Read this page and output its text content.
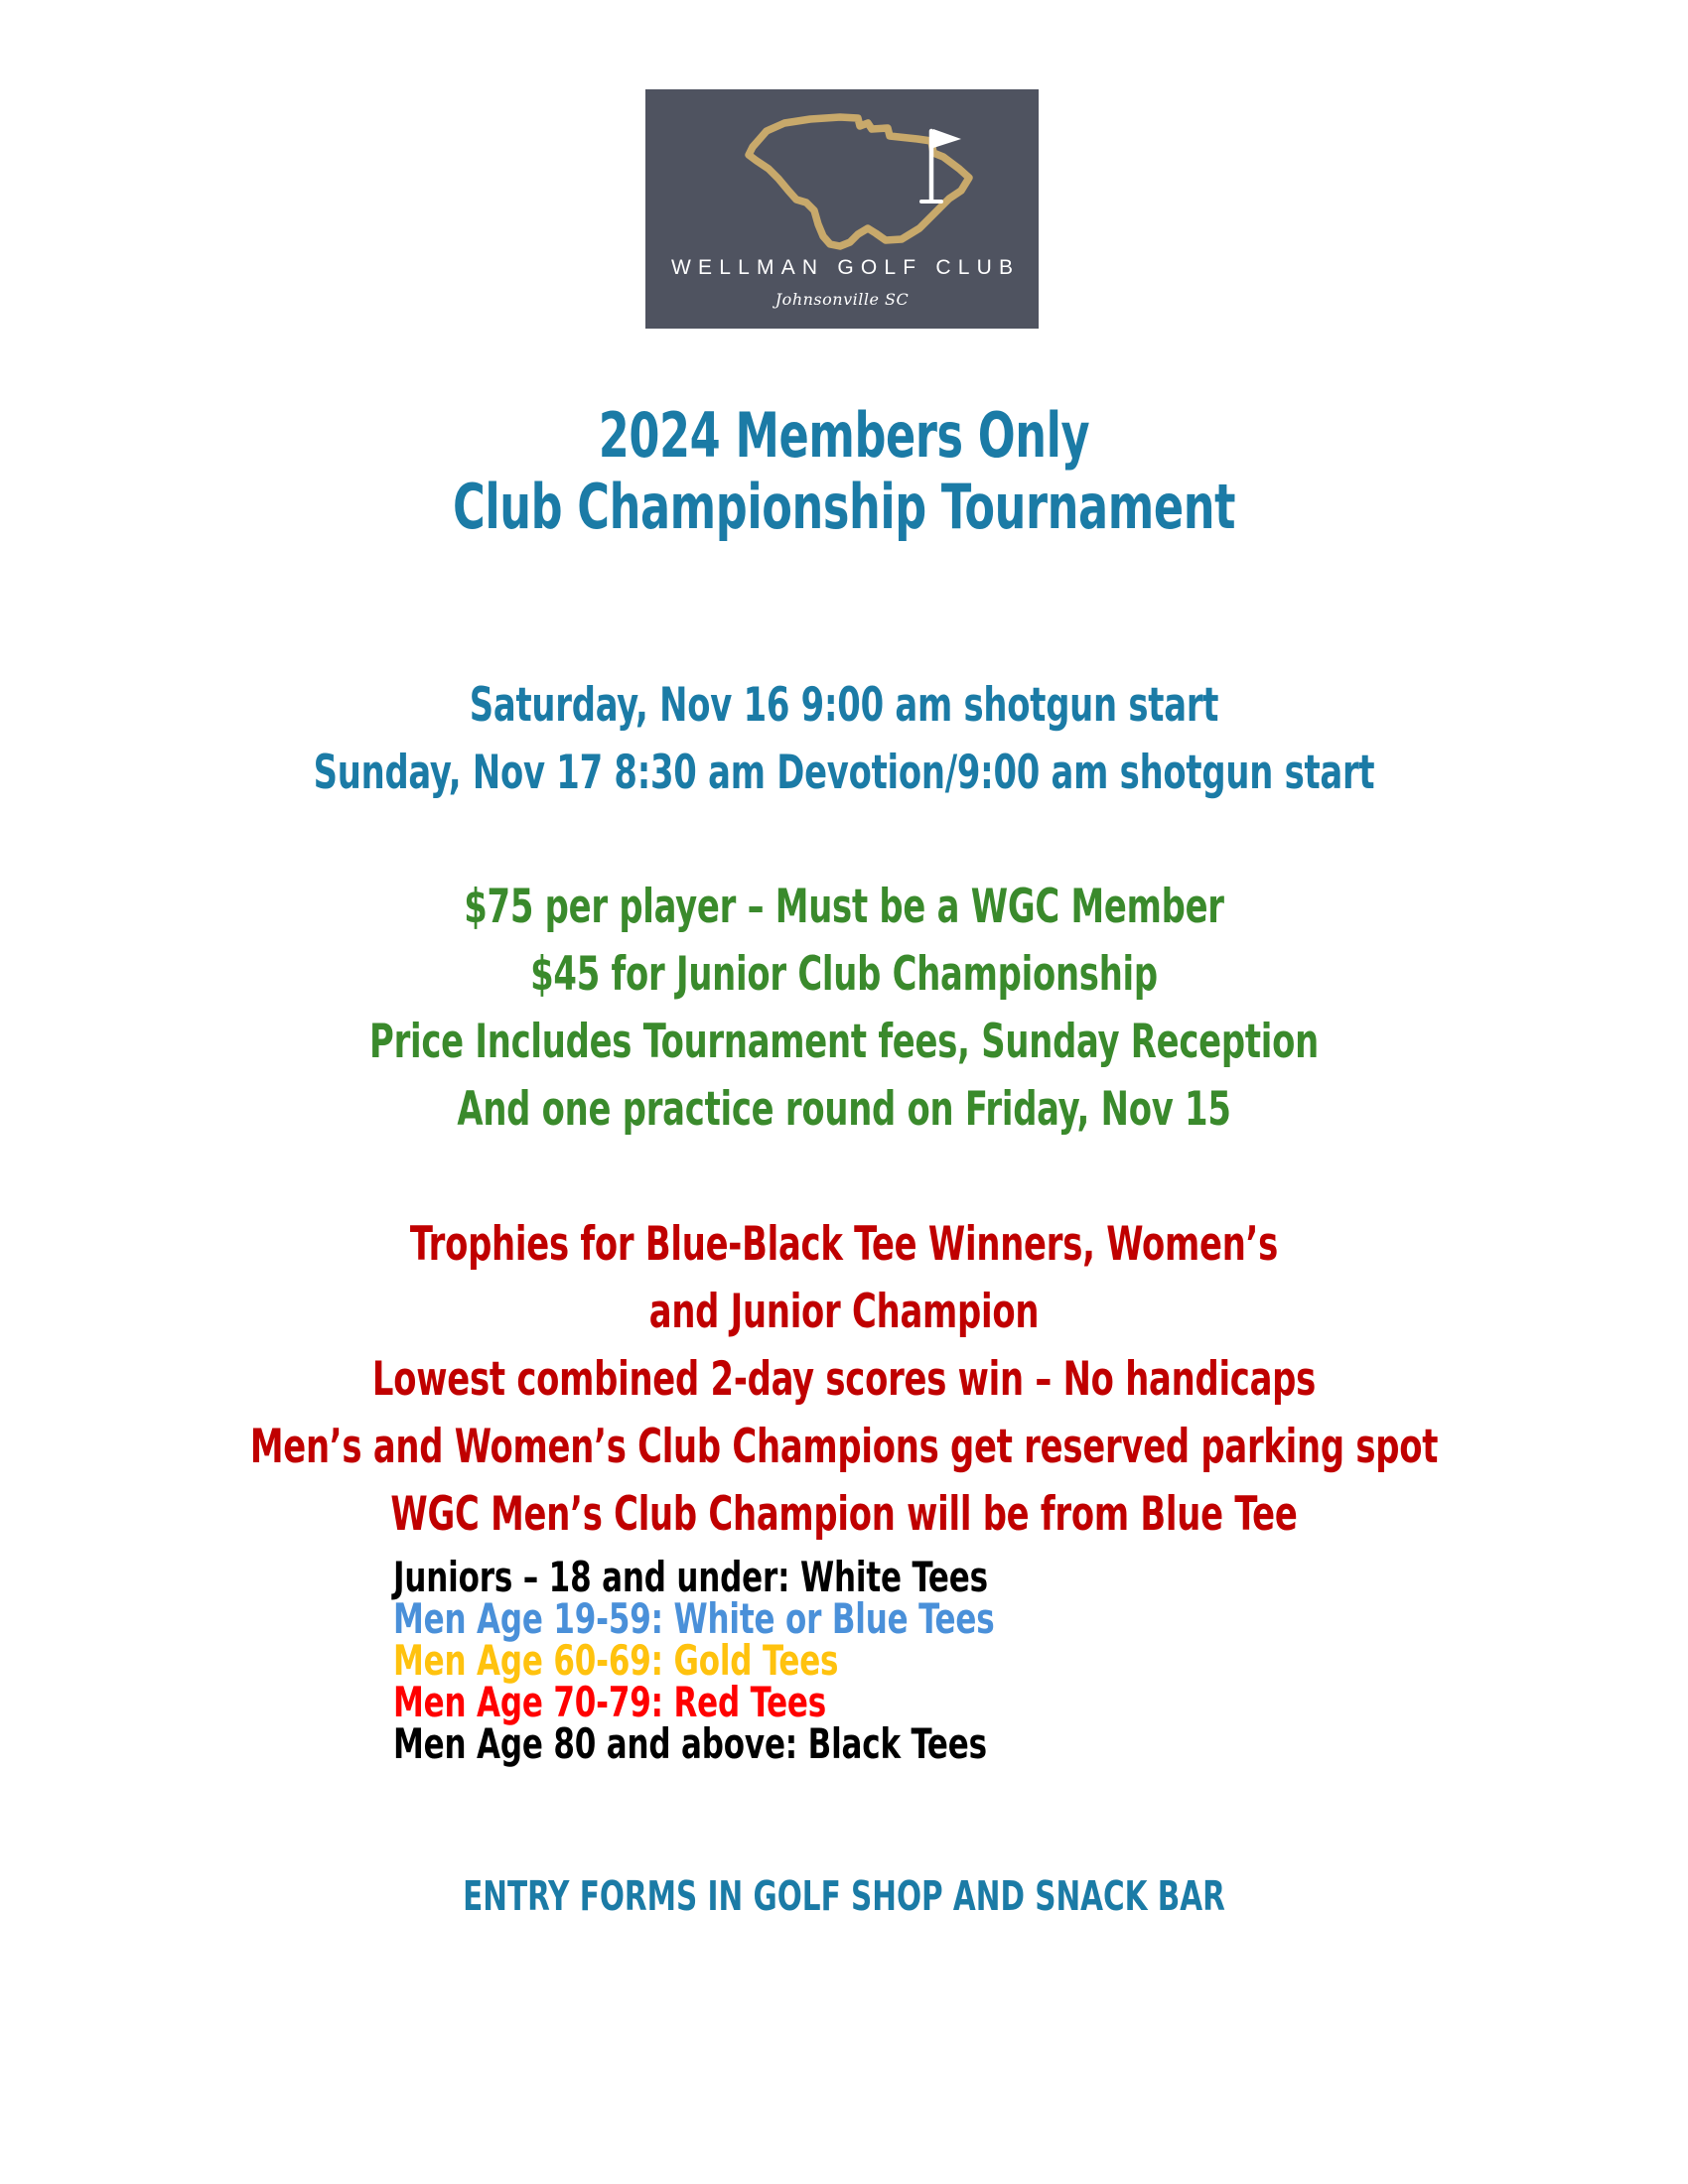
WELLMAN GOLF CLUB
Johnsonville SC
2024 Members Only
Club Championship Tournament
Saturday, Nov 16 9:00 am shotgun start
Sunday, Nov 17 8:30 am Devotion/9:00 am shotgun start
$75 per player – Must be a WGC Member
$45 for Junior Club Championship
Price Includes Tournament fees, Sunday Reception
And one practice round on Friday, Nov 15
Trophies for Blue-Black Tee Winners, Women’s
and Junior Champion
Lowest combined 2-day scores win – No handicaps
Men’s and Women’s Club Champions get reserved parking spot
WGC Men’s Club Champion will be from Blue Tee
Juniors – 18 and under: White Tees
Men Age 19-59: White or Blue Tees
Men Age 60-69: Gold Tees
Men Age 70-79: Red Tees
Men Age 80 and above: Black Tees
ENTRY FORMS IN GOLF SHOP AND SNACK BAR
